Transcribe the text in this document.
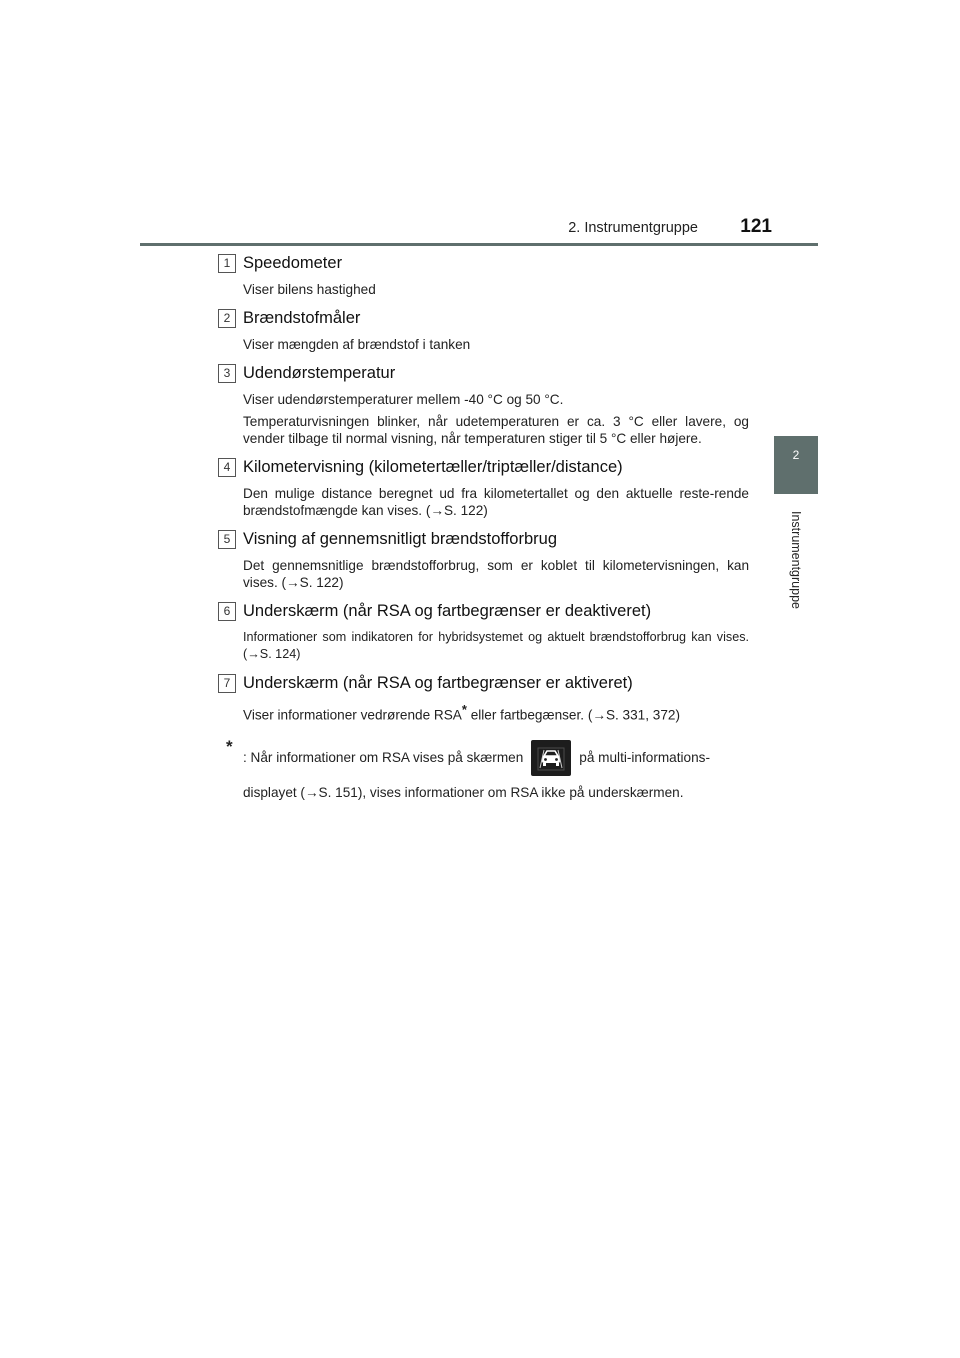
2. Instrumentgruppe 121
2
Instrumentgruppe
1 Speedometer
Viser bilens hastighed
2 Brændstofmåler
Viser mængden af brændstof i tanken
3 Udendørstemperatur
Viser udendørstemperaturer mellem -40 °C og 50 °C.
Temperaturvisningen blinker, når udetemperaturen er ca. 3 °C eller lavere, og vender tilbage til normal visning, når temperaturen stiger til 5 °C eller højere.
4 Kilometervisning (kilometertæller/triptæller/distance)
Den mulige distance beregnet ud fra kilometertallet og den aktuelle reste-rende brændstofmængde kan vises. (→S. 122)
5 Visning af gennemsnitligt brændstofforbrug
Det gennemsnitlige brændstofforbrug, som er koblet til kilometervisningen, kan vises. (→S. 122)
6 Underskærm (når RSA og fartbegrænser er deaktiveret)
Informationer som indikatoren for hybridsystemet og aktuelt brændstofforbrug kan vises. (→S. 124)
7 Underskærm (når RSA og fartbegrænser er aktiveret)
Viser informationer vedrørende RSA* eller fartbegænser. (→S. 331, 372)
*
: Når informationer om RSA vises på skærmen	på multi-informations-
displayet (→S. 151), vises informationer om RSA ikke på underskærmen.
